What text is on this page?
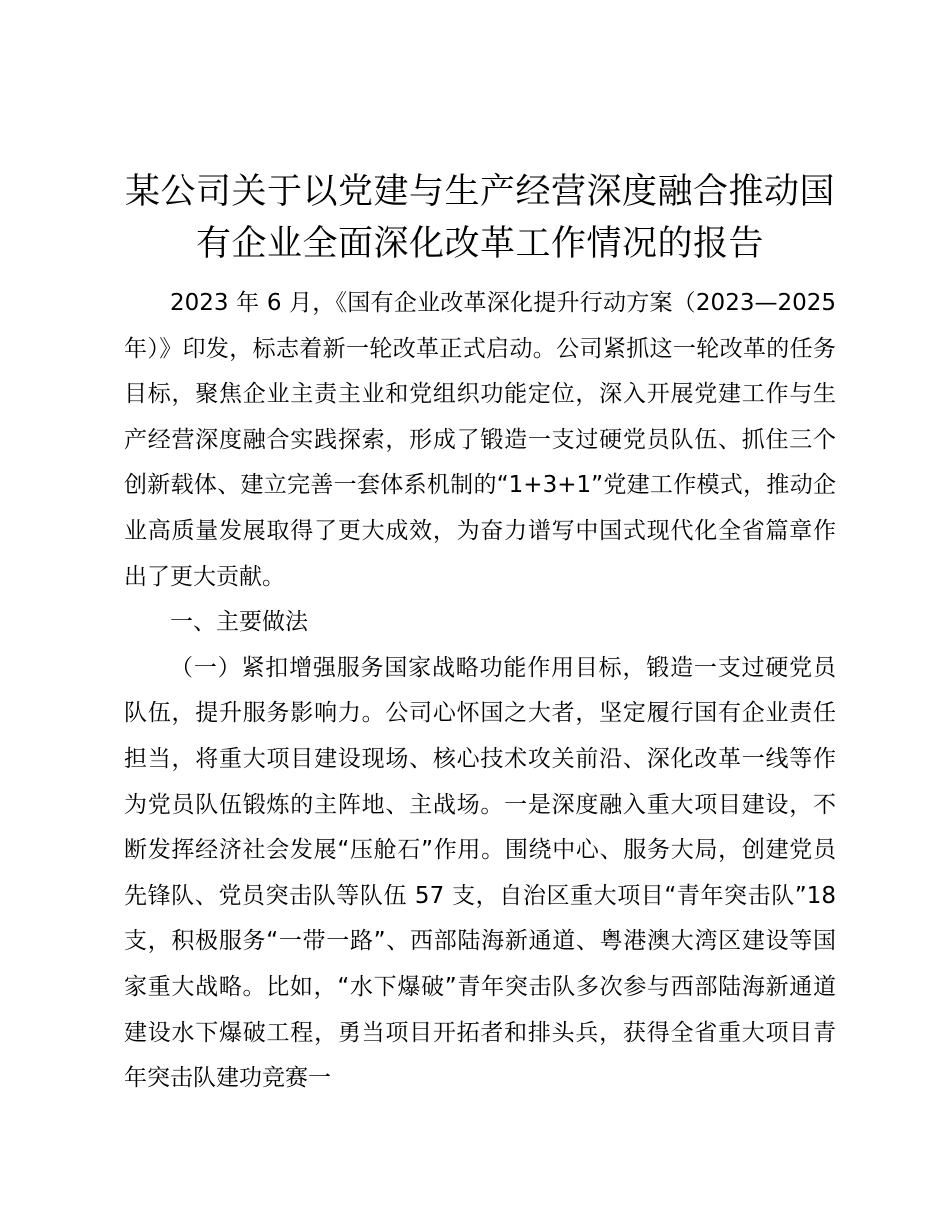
某公司关于以党建与生产经营深度融合推动国有企业全面深化改革工作情况的报告

2023 年 6 月，《国有企业改革深化提升行动方案（2023—2025 年）》印发，标志着新一轮改革正式启动。公司紧抓这一轮改革的任务目标，聚焦企业主责主业和党组织功能定位，深入开展党建工作与生产经营深度融合实践探索，形成了锻造一支过硬党员队伍、抓住三个创新载体、建立完善一套体系机制的“1+3+1”党建工作模式，推动企业高质量发展取得了更大成效，为奋力谱写中国式现代化全省篇章作出了更大贡献。

一、主要做法

（一）紧扣增强服务国家战略功能作用目标，锻造一支过硬党员队伍，提升服务影响力。公司心怀国之大者，坚定履行国有企业责任担当，将重大项目建设现场、核心技术攻关前沿、深化改革一线等作为党员队伍锻炼的主阵地、主战场。一是深度融入重大项目建设，不断发挥经济社会发展“压舱石”作用。围绕中心、服务大局，创建党员先锋队、党员突击队等队伍 57 支，自治区重大项目“青年突击队”18 支，积极服务“一带一路”、西部陆海新通道、粤港澳大湾区建设等国家重大战略。比如，“水下爆破”青年突击队多次参与西部陆海新通道建设水下爆破工程，勇当项目开拓者和排头兵，获得全省重大项目青年突击队建功竞赛一
